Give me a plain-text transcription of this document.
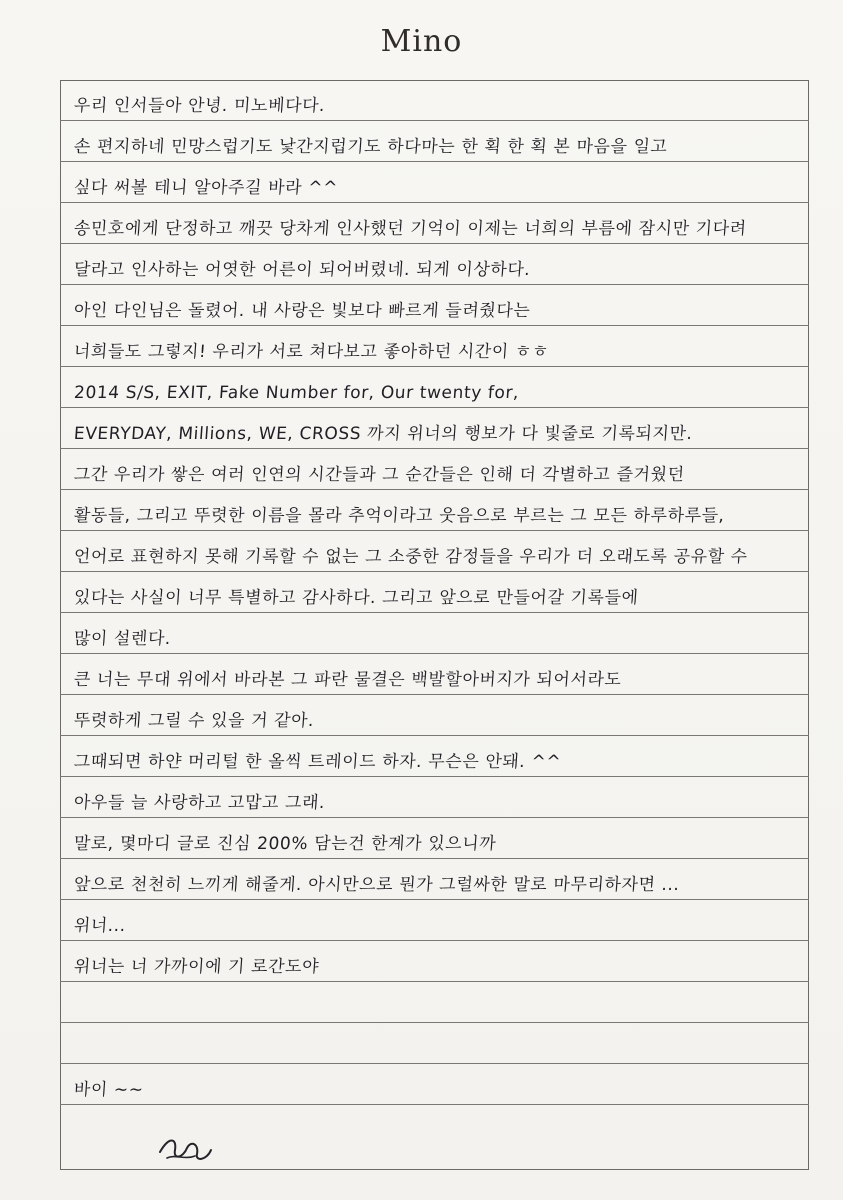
Mino
우리 인서들아 안녕. 미노베다다.
손 편지하네 민망스럽기도 낯간지럽기도 하다마는 한 획 한 획 본 마음을 일고
싶다 써볼 테니 알아주길 바라 ^^
송민호에게 단정하고 깨끗 당차게 인사했던 기억이 이제는 너희의 부름에 잠시만 기다려
달라고 인사하는 어엿한 어른이 되어버렸네. 되게 이상하다.
아인 다인님은 돌렸어. 내 사랑은 빛보다 빠르게 들려줬다는
너희들도 그렇지! 우리가 서로 쳐다보고 좋아하던 시간이 ㅎㅎ
2014 S/S, EXIT, Fake Number for, Our twenty for,
EVERYDAY, Millions, WE, CROSS 까지 위너의 행보가 다 빛줄로 기록되지만.
그간 우리가 쌓은 여러 인연의 시간들과 그 순간들은 인해 더 각별하고 즐거웠던
활동들, 그리고 뚜렷한 이름을 몰라 추억이라고 웃음으로 부르는 그 모든 하루하루들,
언어로 표현하지 못해 기록할 수 없는 그 소중한 감정들을 우리가 더 오래도록 공유할 수
있다는 사실이 너무 특별하고 감사하다. 그리고 앞으로 만들어갈 기록들에
많이 설렌다.
큰 너는 무대 위에서 바라본 그 파란 물결은 백발할아버지가 되어서라도
뚜렷하게 그릴 수 있을 거 같아.
그때되면 하얀 머리털 한 올씩 트레이드 하자. 무슨은 안돼. ^^
아우들 늘 사랑하고 고맙고 그래.
말로, 몇마디 글로 진심 200% 담는건 한계가 있으니까
앞으로 천천히 느끼게 해줄게. 아시만으로 뭔가 그럴싸한 말로 마무리하자면 ...
위너...
위너는 너 가까이에 기 로간도야
바이 ~~
